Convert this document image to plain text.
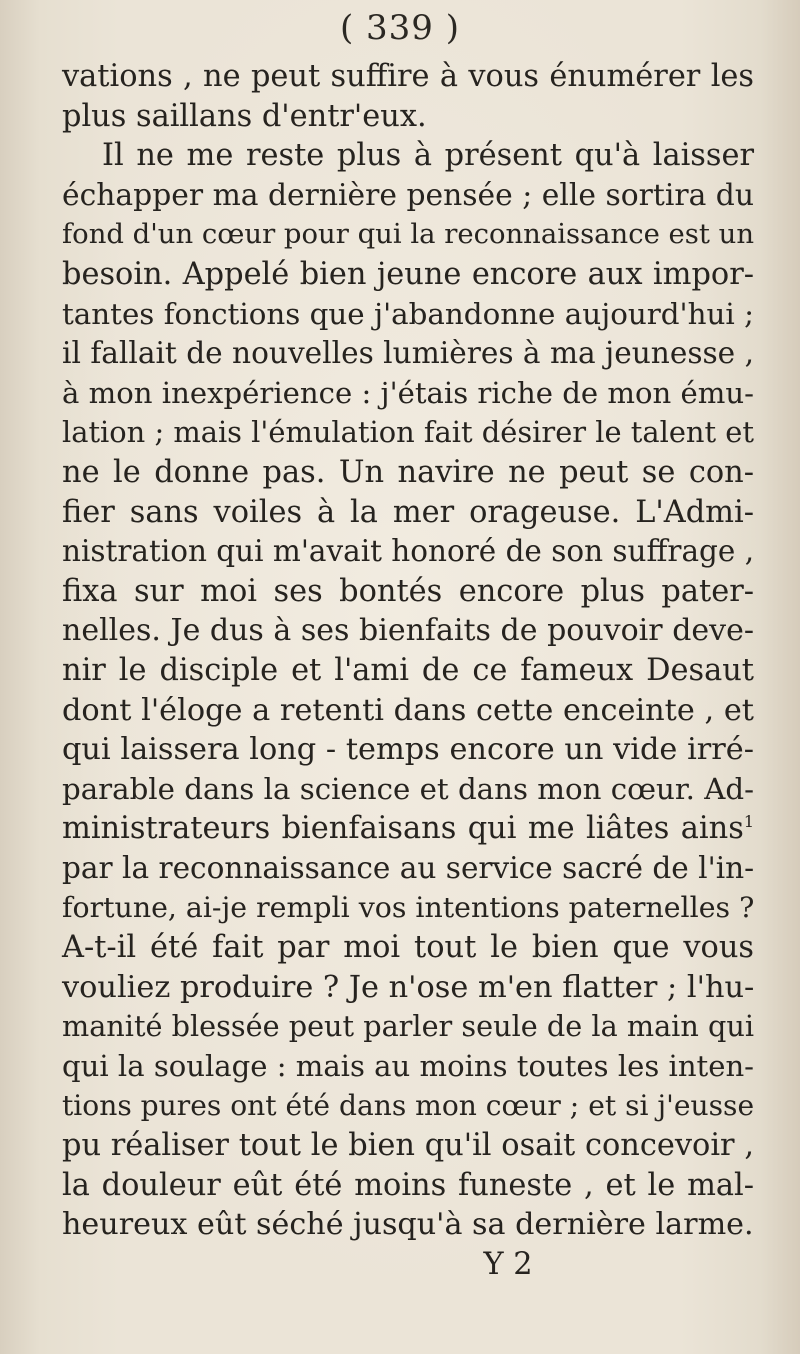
( 339 )
vations , ne peut suffire à vous énumérer les
plus saillans d'entr'eux.
Il ne me reste plus à présent qu'à laisser
échapper ma dernière pensée ; elle sortira du
fond d'un cœur pour qui la reconnaissance est un
besoin. Appelé bien jeune encore aux impor-
tantes fonctions que j'abandonne aujourd'hui ;
il fallait de nouvelles lumières à ma jeunesse ,
à mon inexpérience : j'étais riche de mon ému-
lation ; mais l'émulation fait désirer le talent et
ne le donne pas. Un navire ne peut se con-
fier sans voiles à la mer orageuse. L'Admi-
nistration qui m'avait honoré de son suffrage ,
fixa sur moi ses bontés encore plus pater-
nelles. Je dus à ses bienfaits de pouvoir deve-
nir le disciple et l'ami de ce fameux Desaut
dont l'éloge a retenti dans cette enceinte , et
qui laissera long - temps encore un vide irré-
parable dans la science et dans mon cœur. Ad-
ministrateurs bienfaisans qui me liâtes ains$^1$
par la reconnaissance au service sacré de l'in-
fortune, ai-je rempli vos intentions paternelles ?
A-t-il été fait par moi tout le bien que vous
vouliez produire ? Je n'ose m'en flatter ; l'hu-
manité blessée peut parler seule de la main qui
qui la soulage : mais au moins toutes les inten-
tions pures ont été dans mon cœur ; et si j'eusse
pu réaliser tout le bien qu'il osait concevoir ,
la douleur eût été moins funeste , et le mal-
heureux eût séché jusqu'à sa dernière larme.
Y 2
